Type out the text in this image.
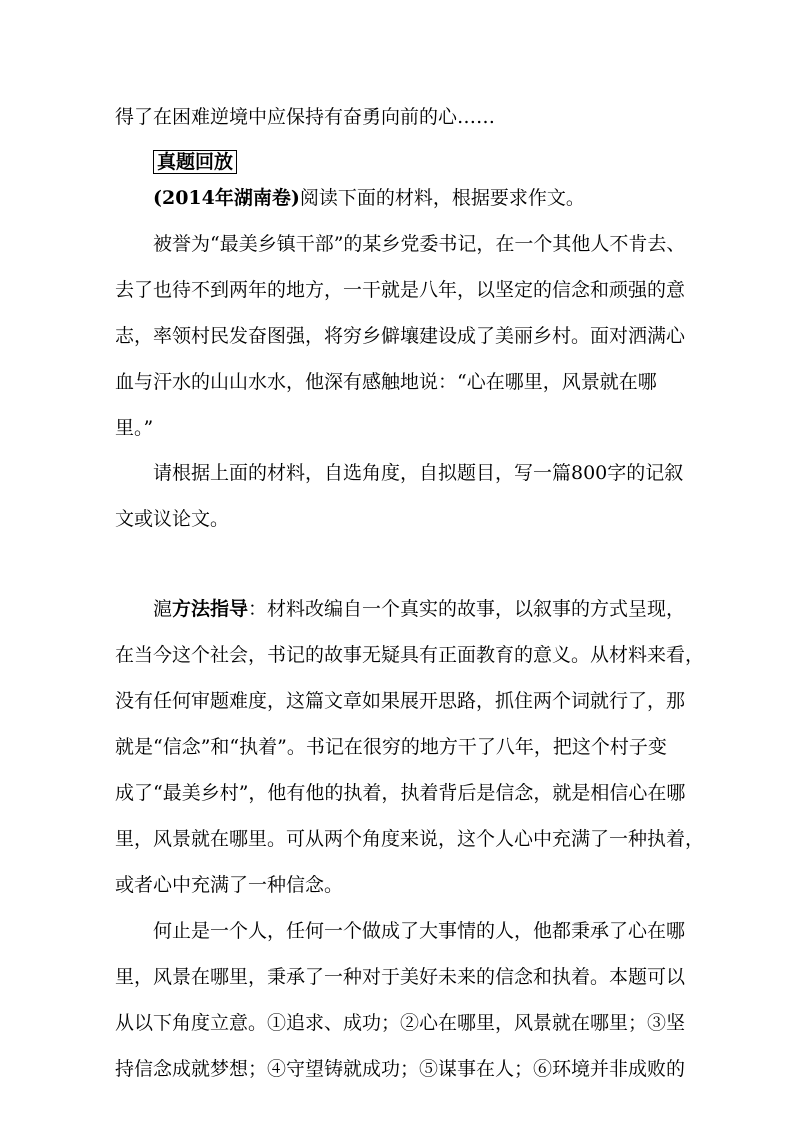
得了在困难逆境中应保持有奋勇向前的心……
真题回放
(2014年湖南卷)阅读下面的材料，根据要求作文。
被誉为“最美乡镇干部”的某乡党委书记，在一个其他人不肯去、
去了也待不到两年的地方，一干就是八年，以坚定的信念和顽强的意
志，率领村民发奋图强，将穷乡僻壤建设成了美丽乡村。面对洒满心
血与汗水的山山水水，他深有感触地说：“心在哪里，风景就在哪
里。”
请根据上面的材料，自选角度，自拟题目，写一篇800字的记叙
文或议论文。
滬方法指导：材料改编自一个真实的故事，以叙事的方式呈现，
在当今这个社会，书记的故事无疑具有正面教育的意义。从材料来看，
没有任何审题难度，这篇文章如果展开思路，抓住两个词就行了，那
就是“信念”和“执着”。书记在很穷的地方干了八年，把这个村子变
成了“最美乡村”，他有他的执着，执着背后是信念，就是相信心在哪
里，风景就在哪里。可从两个角度来说，这个人心中充满了一种执着，
或者心中充满了一种信念。
何止是一个人，任何一个做成了大事情的人，他都秉承了心在哪
里，风景在哪里，秉承了一种对于美好未来的信念和执着。本题可以
从以下角度立意。①追求、成功；②心在哪里，风景就在哪里；③坚
持信念成就梦想；④守望铸就成功；⑤谋事在人；⑥环境并非成败的
